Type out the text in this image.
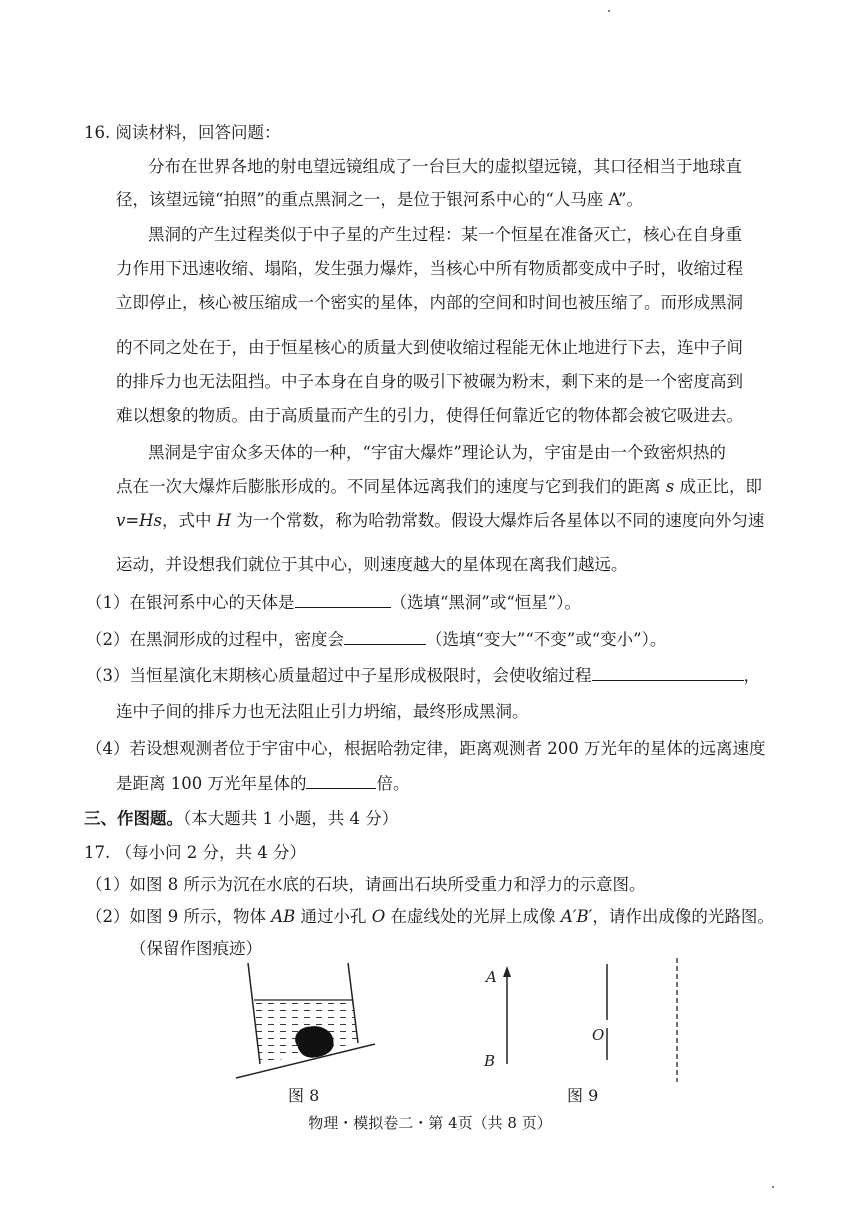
16. 阅读材料，回答问题：
分布在世界各地的射电望远镜组成了一台巨大的虚拟望远镜，其口径相当于地球直
径，该望远镜“拍照”的重点黑洞之一，是位于银河系中心的“人马座 A”。
黑洞的产生过程类似于中子星的产生过程：某一个恒星在准备灭亡，核心在自身重
力作用下迅速收缩、塌陷，发生强力爆炸，当核心中所有物质都变成中子时，收缩过程
立即停止，核心被压缩成一个密实的星体，内部的空间和时间也被压缩了。而形成黑洞
的不同之处在于，由于恒星核心的质量大到使收缩过程能无休止地进行下去，连中子间
的排斥力也无法阻挡。中子本身在自身的吸引下被碾为粉末，剩下来的是一个密度高到
难以想象的物质。由于高质量而产生的引力，使得任何靠近它的物体都会被它吸进去。
黑洞是宇宙众多天体的一种，“宇宙大爆炸”理论认为，宇宙是由一个致密炽热的
点在一次大爆炸后膨胀形成的。不同星体远离我们的速度与它到我们的距离 s 成正比，即
v=Hs，式中 H 为一个常数，称为哈勃常数。假设大爆炸后各星体以不同的速度向外匀速
运动，并设想我们就位于其中心，则速度越大的星体现在离我们越远。
（1）在银河系中心的天体是	（选填“黑洞”或“恒星”）。
（2）在黑洞形成的过程中，密度会	（选填“变大”“不变”或“变小”）。
（3）当恒星演化末期核心质量超过中子星形成极限时，会使收缩过程	，
连中子间的排斥力也无法阻止引力坍缩，最终形成黑洞。
（4）若设想观测者位于宇宙中心，根据哈勃定律，距离观测者 200 万光年的星体的远离速度
是距离 100 万光年星体的	倍。
三、作图题。（本大题共 1 小题，共 4 分）
17. （每小问 2 分，共 4 分）
（1）如图 8 所示为沉在水底的石块，请画出石块所受重力和浮力的示意图。
（2）如图 9 所示，物体 AB 通过小孔 O 在虚线处的光屏上成像 A′B′，请作出成像的光路图。
（保留作图痕迹）
图 8
A
B
O
图 9
物理・模拟卷二・第 4页（共 8 页）
